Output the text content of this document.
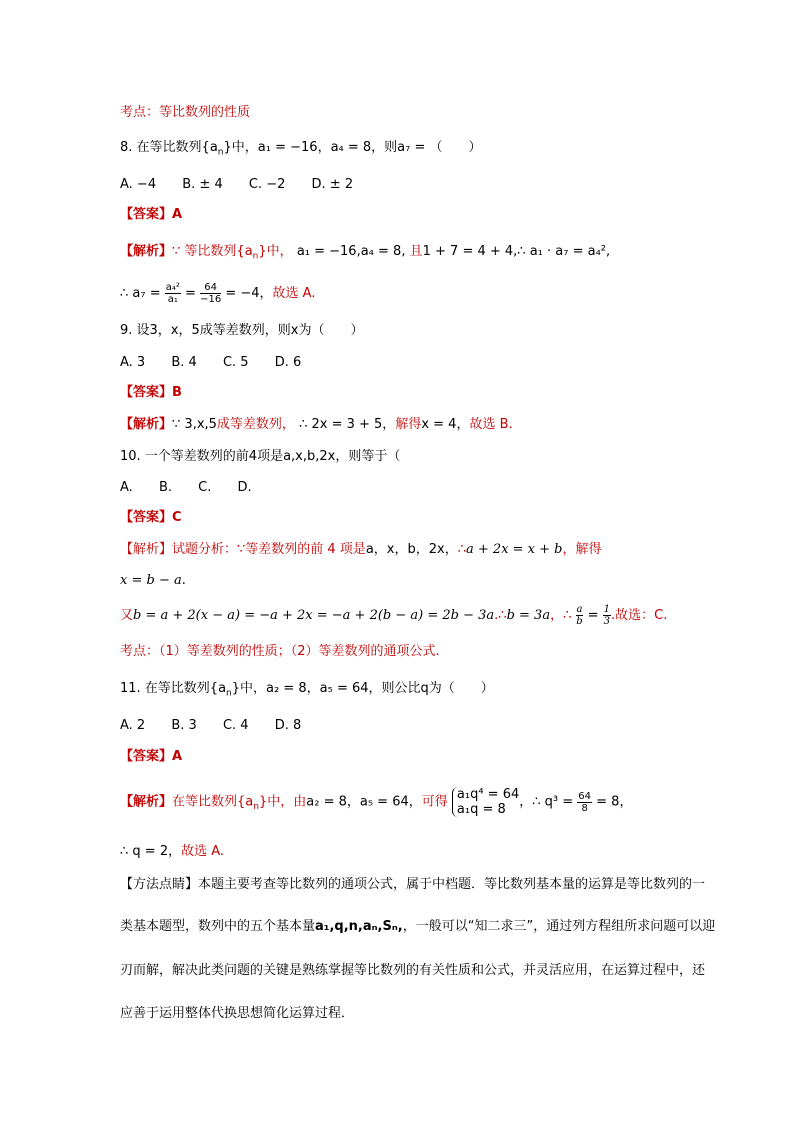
考点：等比数列的性质
8. 在等比数列$\{a_n\}$中，a₁ = −16，a₄ = 8，则a₇ = （　　）
A. −4 B. ± 4 C. −2 D. ± 2
【答案】A
【解析】∵ 等比数列$\{a_n\}$中， a₁ = −16,a₄ = 8, 且1 + 7 = 4 + 4,∴ a₁ · a₇ = a₄²,
∴ $a_7 = \frac{\text{a₄²}}{\text{a₁}} = \frac{64}{-16} = -4$，故选 A.
9. 设3，x，5成等差数列，则x为（　　）
A. 3 B. 4 C. 5 D. 6
【答案】B
【解析】∵ 3,x,5成等差数列， ∴ 2x = 3 + 5，解得x = 4，故选 B.
10. 一个等差数列的前4项是a,x,b,2x，则等于（
A. B. C. D.
【答案】C
【解析】试题分析：∵等差数列的前 4 项是a，x，b，2x，∴a + 2x = x + b，解得
x = b − a.
又b = a + 2(x − a) = −a + 2x = −a + 2(b − a) = 2b − 3a.∴b = 3a，∴ $\frac{a}{b} = \frac{1}{3}$ .故选：C.
考点：（1）等差数列的性质；（2）等差数列的通项公式.
11. 在等比数列$\{a_n\}$中，a₂ = 8，a₅ = 64，则公比q为（　　）
A. 2 B. 3 C. 4 D. 8
【答案】A
【解析】在等比数列$\{a_n\}$中，由a₂ = 8，a₅ = 64，可得 a₁q⁴ = 64
a₁q = 8	，∴ $q^3 = \frac{64}{8} = 8$，
∴ q = 2，故选 A.
【方法点睛】本题主要考查等比数列的通项公式，属于中档题．等比数列基本量的运算是等比数列的一
类基本题型，数列中的五个基本量a₁,q,n,aₙ,Sₙ,，一般可以“知二求三”，通过列方程组所求问题可以迎
刃而解，解决此类问题的关键是熟练掌握等比数列的有关性质和公式，并灵活应用，在运算过程中，还
应善于运用整体代换思想简化运算过程．
